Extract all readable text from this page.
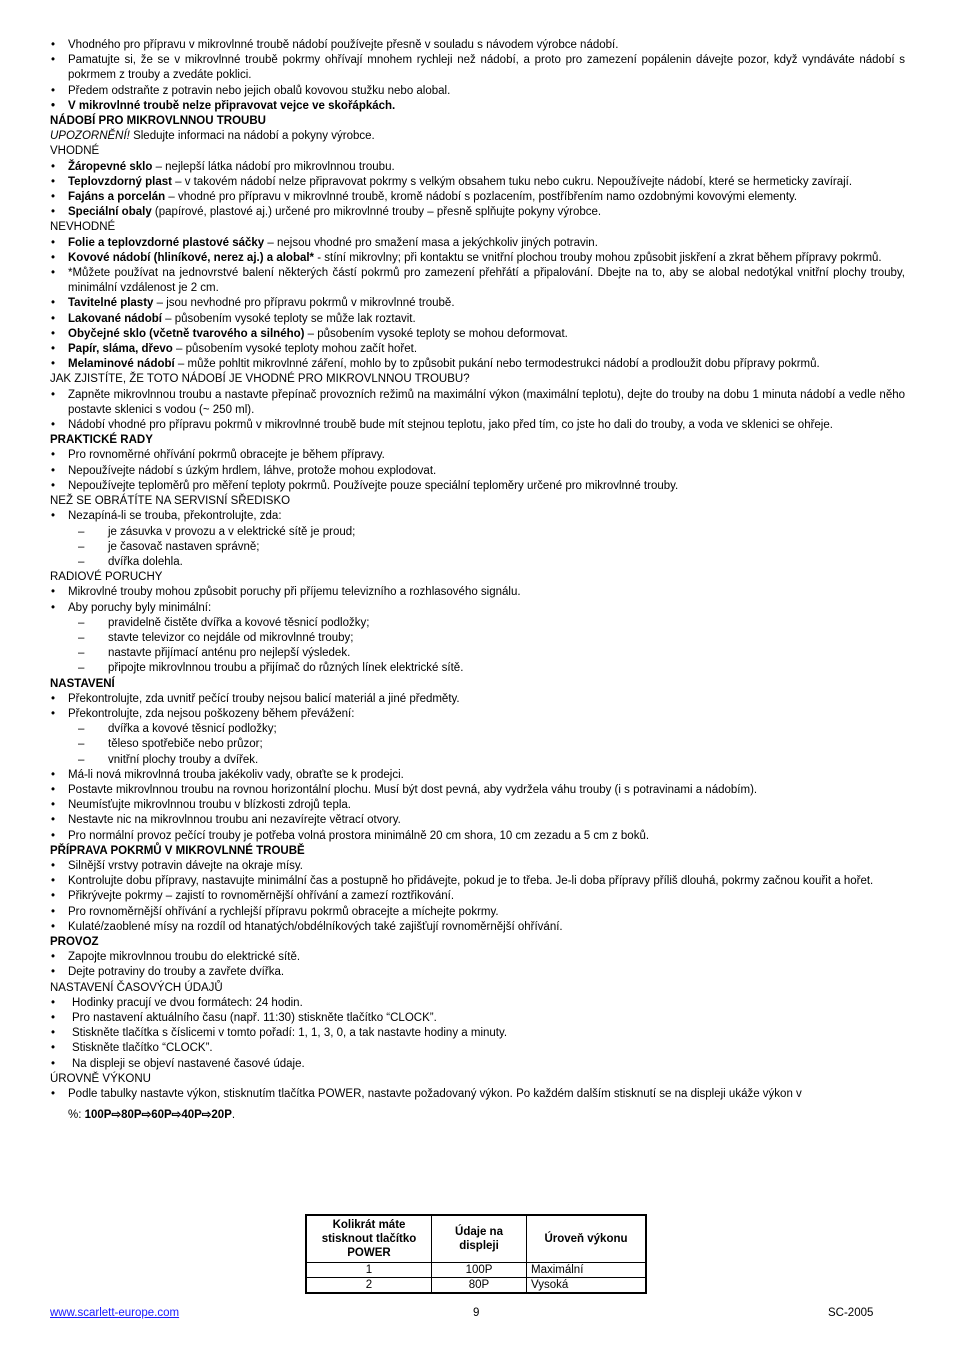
• Vhodného pro přípravu v mikrovlnné troubě nádobí používejte přesně v souladu s návodem výrobce nádobí.
• Pamatujte si, že se v mikrovlnné troubě pokrmy ohřívají mnohem rychleji než nádobí, a proto pro zamezení popálenin dávejte pozor, když vyndáváte nádobí s pokrmem z trouby a zvedáte poklici.
• Předem odstraňte z potravin nebo jejich obalů kovovou stužku nebo alobal.
• V mikrovlnné troubě nelze připravovat vejce ve skořápkách.
NÁDOBÍ PRO MIKROVLNNOU TROUBU
UPOZORNĚNÍ! Sledujte informaci na nádobí a pokyny výrobce.
VHODNÉ
• Žáropevné sklo – nejlepší látka nádobí pro mikrovlnnou troubu.
• Teplovzdorný plast – v takovém nádobí nelze připravovat pokrmy s velkým obsahem tuku nebo cukru. Nepoužívejte nádobí, které se hermeticky zavírají.
• Fajáns a porcelán – vhodné pro přípravu v mikrovlnné troubě, kromě nádobí s pozlacením, postříbřením namo ozdobnými kovovými elementy.
• Speciální obaly (papírové, plastové aj.) určené pro mikrovlnné trouby – přesně splňujte pokyny výrobce.
NEVHODNÉ
• Folie a teplovzdorné plastové sáčky – nejsou vhodné pro smažení masa a jekýchkoliv jiných potravin.
• Kovové nádobí (hliníkové, nerez aj.) a alobal* - stíní mikrovlny; při kontaktu se vnitřní plochou trouby mohou způsobit jiskření a zkrat během přípravy pokrmů.
• *Můžete používat na jednovrstvé balení některých částí pokrmů pro zamezení přehřátí a připalování. Dbejte na to, aby se alobal nedotýkal vnitřní plochy trouby, minimální vzdálenost je 2 cm.
• Tavitelné plasty – jsou nevhodné pro přípravu pokrmů v mikrovlnné troubě.
• Lakované nádobí – působením vysoké teploty se může lak roztavit.
• Obyčejné sklo (včetně tvarového a silného) – působením vysoké teploty se mohou deformovat.
• Papír, sláma, dřevo – působením vysoké teploty mohou začít hořet.
• Melaminové nádobí – může pohltit mikrovlnné záření, mohlo by to způsobit pukání nebo termodestrukci nádobí a prodloužit dobu přípravy pokrmů.
JAK ZJISTÍTE, ŽE TOTO NÁDOBÍ JE VHODNÉ PRO MIKROVLNNOU TROUBU?
• Zapněte mikrovlnnou troubu a nastavte přepínač provozních režimů na maximální výkon (maximální teplotu), dejte do trouby na dobu 1 minuta nádobí a vedle něho postavte sklenici s vodou (~ 250 ml).
• Nádobí vhodné pro přípravu pokrmů v mikrovlnné troubě bude mít stejnou teplotu, jako před tím, co jste ho dali do trouby, a voda ve sklenici se ohřeje.
PRAKTICKÉ RADY
• Pro rovnoměrné ohřívání pokrmů obracejte je během přípravy.
• Nepoužívejte nádobí s úzkým hrdlem, láhve, protože mohou explodovat.
• Nepoužívejte teploměrů pro měření teploty pokrmů. Používejte pouze speciální teploměry určené pro mikrovlnné trouby.
NEŽ SE OBRÁTÍTE NA SERVISNÍ SŘEDISKO
• Nezapíná-li se trouba, překontrolujte, zda:
– je zásuvka v provozu a v elektrické sítě je proud;
– je časovač nastaven správně;
– dvířka dolehla.
RADIOVÉ PORUCHY
• Mikrovlné trouby mohou způsobit poruchy při příjemu televizního a rozhlasového signálu.
• Aby poruchy byly minimální:
– pravidelně čistěte dvířka a kovové těsnicí podložky;
– stavte televizor co nejdále od mikrovlnné trouby;
– nastavte přijímací anténu pro nejlepší výsledek.
– připojte mikrovlnnou troubu a přijímač do různých línek elektrické sítě.
NASTAVENÍ
• Překontrolujte, zda uvnitř pečící trouby nejsou balicí materiál a jiné předměty.
• Překontrolujte, zda nejsou poškozeny během převážení:
– dvířka a kovové těsnicí podložky;
– těleso spotřebiče nebo průzor;
– vnitřní plochy trouby a dvířek.
• Má-li nová mikrovlnná trouba jakékoliv vady, obraťte se k prodejci.
• Postavte mikrovlnnou troubu na rovnou horizontální plochu. Musí být dost pevná, aby vydržela váhu trouby (i s potravinami a nádobím).
• Neumísťujte mikrovlnnou troubu v blízkosti zdrojů tepla.
• Nestavte nic na mikrovlnnou troubu ani nezavírejte větrací otvory.
• Pro normální provoz pečící trouby je potřeba volná prostora minimálně 20 cm shora, 10 cm zezadu a 5 cm z boků.
PŘÍPRAVA POKRMŮ V MIKROVLNNÉ TROUBĚ
• Silnější vrstvy potravin dávejte na okraje mísy.
• Kontrolujte dobu přípravy, nastavujte minimální čas a postupně ho přidávejte, pokud je to třeba. Je-li doba přípravy příliš dlouhá, pokrmy začnou kouřit a hořet.
• Přikrývejte pokrmy – zajistí to rovnoměrnější ohřívání a zamezí roztřikování.
• Pro rovnoměrnější ohřívání a rychlejší přípravu pokrmů obracejte a míchejte pokrmy.
• Kulaté/zaoblené mísy na rozdíl od htanatých/obdélníkových také zajišťují rovnoměrnější ohřívání.
PROVOZ
• Zapojte mikrovlnnou troubu do elektrické sítě.
• Dejte potraviny do trouby a zavřete dvířka.
NASTAVENÍ ČASOVÝCH ÚDAJŮ
• Hodinky pracují ve dvou formátech: 24 hodin.
• Pro nastavení aktuálního času (např. 11:30) stiskněte tlačítko “CLOCK”.
• Stiskněte tlačítka s číslicemi v tomto pořadí: 1, 1, 3, 0, a tak nastavte hodiny a minuty.
• Stiskněte tlačítko “CLOCK”.
• Na displeji se objeví nastavené časové údaje.
ÚROVNĚ VÝKONU
• Podle tabulky nastavte výkon, stisknutím tlačítka POWER, nastavte požadovaný výkon. Po každém dalším stisknutí se na displeji ukáže výkon v
%: 100P⇨80P⇨60P⇨40P⇨20P.
Kolikrát máte stisknout tlačítko POWER	Údaje na displeji	Úroveň výkonu
1	100P	Maximální
2	80P	Vysoká
www.scarlett-europe.com	9	SC-2005
